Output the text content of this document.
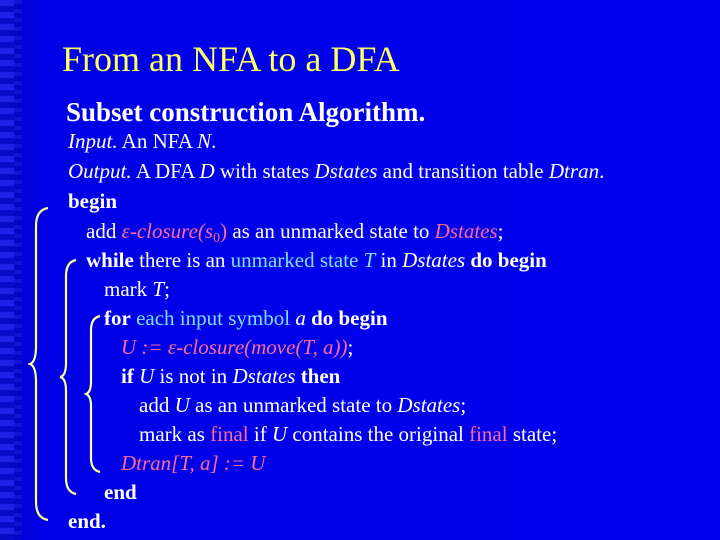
From an NFA to a DFA
Subset construction Algorithm.
Input. An NFA N.
Output. A DFA D with states Dstates and transition table Dtran.
begin
add $\varepsilon-closure(s_0)$ as an unmarked state to Dstates;
while there is an unmarked state T in Dstates do begin
mark T;
for each input symbol a do begin
U := ε-closure(move(T, a));
if U is not in Dstates then
add U as an unmarked state to Dstates;
mark as final if U contains the original final state;
Dtran[T, a] := U
end
end.
